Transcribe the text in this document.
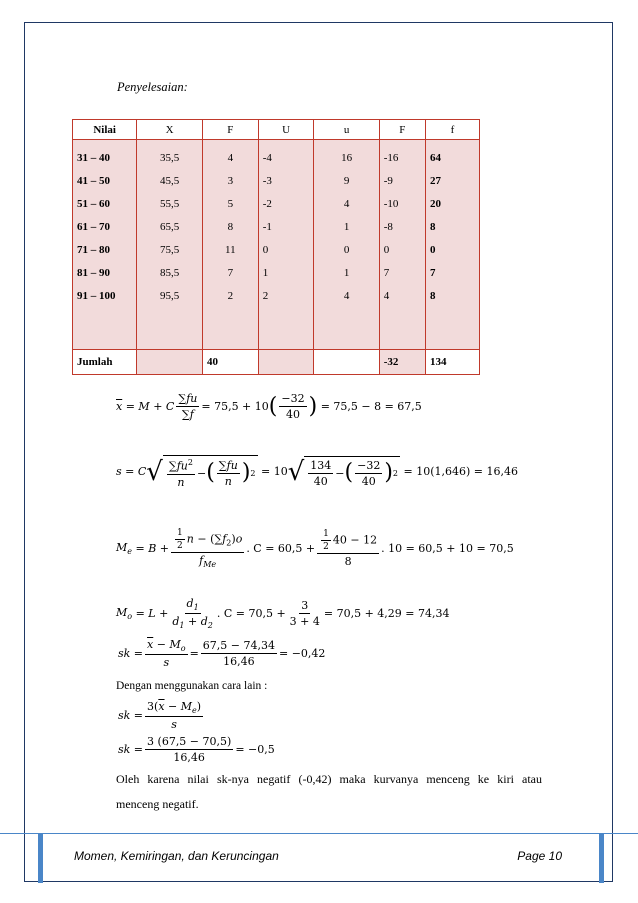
Penyelesaian:
Nilai	X	F	U	u	F	f
31 – 40	35,5	4	-4	16	-16	64
41 – 50	45,5	3	-3	9	-9	27
51 – 60	55,5	5	-2	4	-10	20
61 – 70	65,5	8	-1	1	-8	8
71 – 80	75,5	11	0	0	0	0
81 – 90	85,5	7	1	1	7	7
91 – 100	95,5	2	2	4	4	8

Jumlah		40			-32	134
$\overline{x} = M + C \frac{\sum fu}{\sum f} = 75,5 + 10$ ( $\frac{-32}{40}$ )
= 75,5 − 8 = 67,5
s = C √ $\frac{\sum fu^2}{n}$ − ( $\frac{\sum fu}{n}$ ) 2
= 10 √ $\frac{134}{40}$ − ( $\frac{-32}{40}$ ) 2
= 10(1,646) = 16,46
$M_e = B + \frac{\frac{1}{2} n - (\sum f_2)o}{f_{Me}}$ . $C = 60,5 + \frac{\frac{1}{2} 40 - 12}{8}$ . 10 = 60,5 + 10 = 70,5
$M_o = L + \frac{d_1}{d_1 + d_2}$ . $C = 70,5 + \frac{3}{3 + 4} = 70,5 + 4,29 = 74,34$
sk = $\frac{\overline{x} - M_o}{s} = \frac{67,5 - 74,34}{16,46} = -0,42$
Dengan menggunakan cara lain :
sk = $\frac{3(\overline{x} - M_e)}{s}$
sk = $\frac{3 (67,5 - 70,5)}{16,46} = -0,5$
Oleh karena nilai sk-nya negatif (-0,42) maka kurvanya menceng ke kiri atau
menceng negatif.
Momen, Kemiringan, dan Keruncingan	Page 10
